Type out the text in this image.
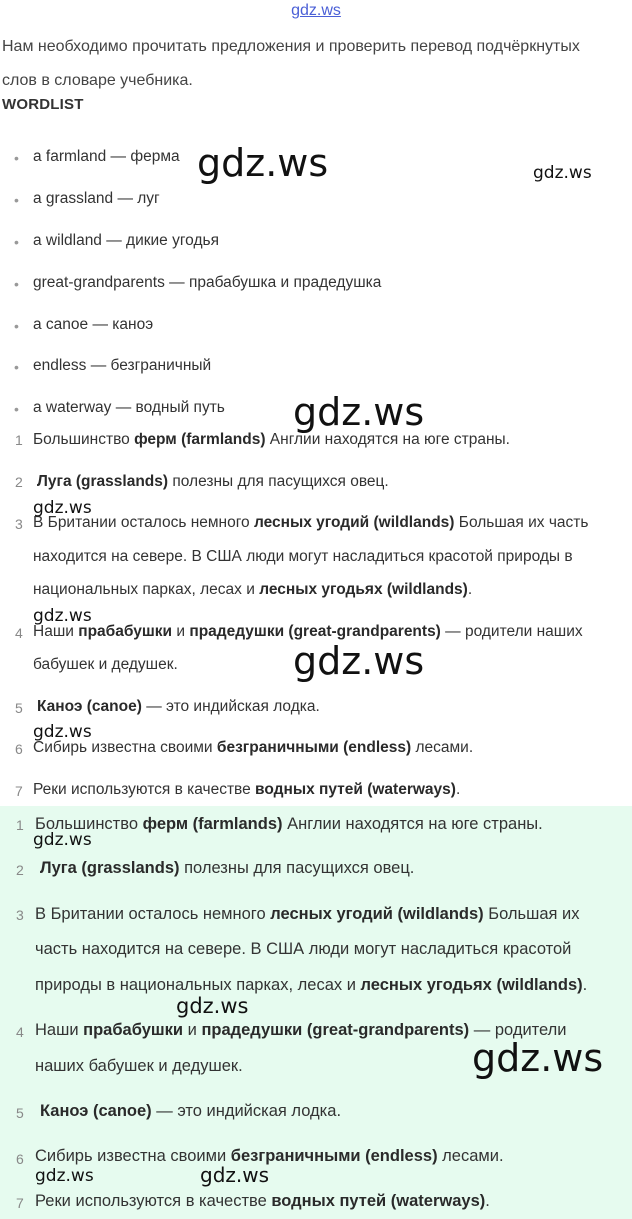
gdz.ws
Нам необходимо прочитать предложения и проверить перевод подчёркнутых
слов в словаре учебника.
WORDLIST
• a farmland — ферма
• a grassland — луг
• a wildland — дикие угодья
• great-grandparents — прабабушка и прадедушка
• a canoe — каноэ
• endless — безграничный
• a waterway — водный путь
1 Большинство ферм (farmlands) Англии находятся на юге страны.
2 Луга (grasslands) полезны для пасущихся овец.
3 В Британии осталось немного лесных угодий (wildlands) Большая их часть
находится на севере. В США люди могут насладиться красотой природы в
национальных парках, лесах и лесных угодьях (wildlands).
4 Наши прабабушки и прадедушки (great-grandparents) — родители наших
бабушек и дедушек.
5 Каноэ (canoe) — это индийская лодка.
6 Сибирь известна своими безграничными (endless) лесами.
7 Реки используются в качестве водных путей (waterways).
1 Большинство ферм (farmlands) Англии находятся на юге страны.
2 Луга (grasslands) полезны для пасущихся овец.
3 В Британии осталось немного лесных угодий (wildlands) Большая их
часть находится на севере. В США люди могут насладиться красотой
природы в национальных парках, лесах и лесных угодьях (wildlands).
4 Наши прабабушки и прадедушки (great-grandparents) — родители
наших бабушек и дедушек.
5 Каноэ (canoe) — это индийская лодка.
6 Сибирь известна своими безграничными (endless) лесами.
7 Реки используются в качестве водных путей (waterways).
gdz.ws	gdz.ws
gdz.ws
gdz.ws
gdz.ws
gdz.ws
gdz.ws
gdz.ws
gdz.ws
gdz.ws
gdz.ws	gdz.ws
